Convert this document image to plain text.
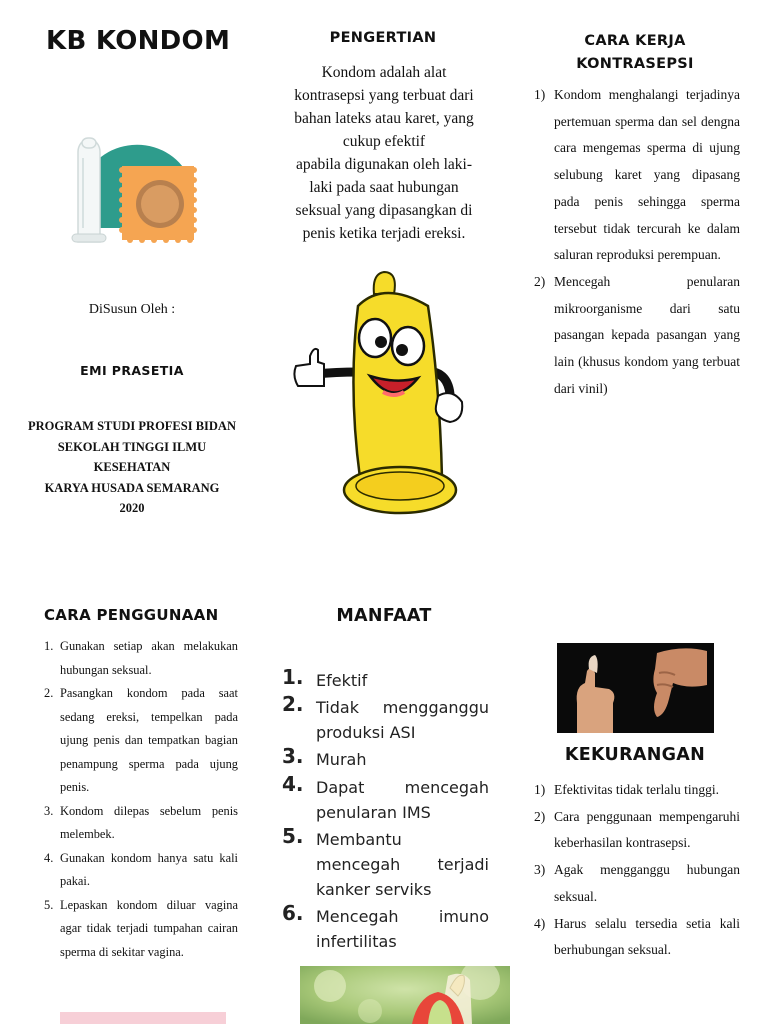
KB KONDOM
DiSusun Oleh :
EMI PRASETIA
PROGRAM STUDI PROFESI BIDAN
SEKOLAH TINGGI ILMU
KESEHATAN
KARYA HUSADA SEMARANG
2020
PENGERTIAN
Kondom adalah alat
kontrasepsi yang terbuat dari
bahan lateks atau karet, yang
cukup efektif
apabila digunakan oleh laki-
laki pada saat hubungan
seksual yang dipasangkan di
penis ketika terjadi ereksi.
CARA KERJA
KONTRASEPSI
1) Kondom menghalangi terjadinya pertemuan sperma dan sel dengna cara mengemas sperma di ujung selubung karet yang dipasang pada penis sehingga sperma tersebut tidak tercurah ke dalam saluran reproduksi perempuan.
2) Mencegah penularan mikroorganisme dari satu pasangan kepada pasangan yang lain (khusus kondom yang terbuat dari vinil)
CARA PENGGUNAAN
1. Gunakan setiap akan melakukan hubungan seksual.
2. Pasangkan kondom pada saat sedang ereksi, tempelkan pada ujung penis dan tempatkan bagian penampung sperma pada ujung penis.
3. Kondom dilepas sebelum penis melembek.
4. Gunakan kondom hanya satu kali pakai.
5. Lepaskan kondom diluar vagina agar tidak terjadi tumpahan cairan sperma di sekitar vagina.
MANFAAT
1. Efektif
2. Tidak mengganggu produksi ASI
3. Murah
4. Dapat mencegah penularan IMS
5. Membantu mencegah terjadi kanker serviks
6. Mencegah imuno infertilitas
KEKURANGAN
1) Efektivitas tidak terlalu tinggi.
2) Cara penggunaan mempengaruhi keberhasilan kontrasepsi.
3) Agak mengganggu hubungan seksual.
4) Harus selalu tersedia setia kali berhubungan seksual.
